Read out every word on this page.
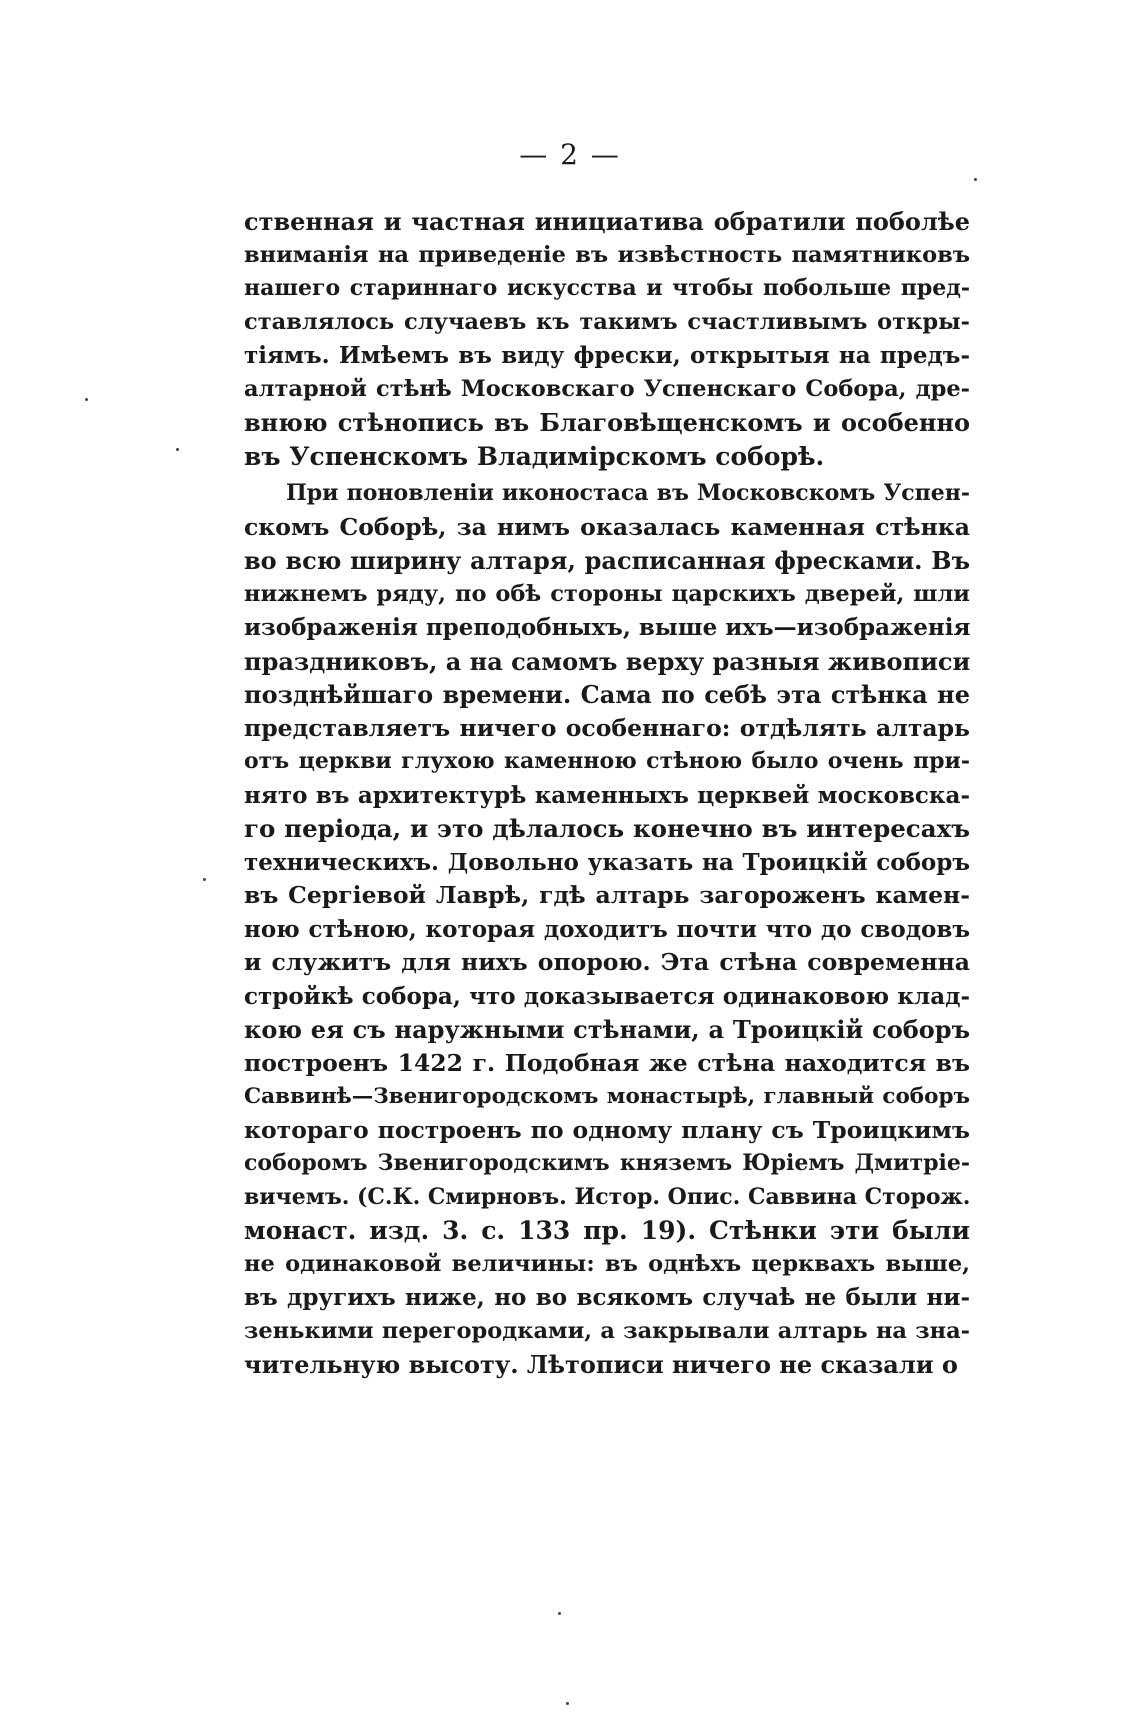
— 2 —
ственная и частная инициатива обратили поболѣе
вниманія на приведеніе въ извѣстность памятниковъ
нашего стариннаго искусства и чтобы побольше пред-
ставлялось случаевъ къ такимъ счастливымъ откры-
тіямъ. Имѣемъ въ виду фрески, открытыя на предъ-
алтарной стѣнѣ Московскаго Успенскаго Собора, дре-
внюю стѣнопись въ Благовѣщенскомъ и особенно
въ Успенскомъ Владимірскомъ соборѣ.
При поновленіи иконостаса въ Московскомъ Успен-
скомъ Соборѣ, за нимъ оказалась каменная стѣнка
во всю ширину алтаря, расписанная фресками. Въ
нижнемъ ряду, по обѣ стороны царскихъ дверей, шли
изображенія преподобныхъ, выше ихъ—изображенія
праздниковъ, а на самомъ верху разныя живописи
позднѣйшаго времени. Сама по себѣ эта стѣнка не
представляетъ ничего особеннаго: отдѣлять алтарь
отъ церкви глухою каменною стѣною было очень при-
нято въ архитектурѣ каменныхъ церквей московска-
го періода, и это дѣлалось конечно въ интересахъ
техническихъ. Довольно указать на Троицкій соборъ
въ Сергіевой Лаврѣ, гдѣ алтарь загороженъ камен-
ною стѣною, которая доходитъ почти что до сводовъ
и служитъ для нихъ опорою. Эта стѣна современна
стройкѣ собора, что доказывается одинаковою клад-
кою ея съ наружными стѣнами, а Троицкій соборъ
построенъ 1422 г. Подобная же стѣна находится въ
Саввинѣ—Звенигородскомъ монастырѣ, главный соборъ
котораго построенъ по одному плану съ Троицкимъ
соборомъ Звенигородскимъ княземъ Юріемъ Дмитріе-
вичемъ. (С.К. Смирновъ. Истор. Опис. Саввина Сторож.
монаст. изд. 3. с. 133 пр. 19). Стѣнки эти были
не одинаковой величины: въ однѣхъ церквахъ выше,
въ другихъ ниже, но во всякомъ случаѣ не были ни-
зенькими перегородками, а закрывали алтарь на зна-
чительную высоту. Лѣтописи ничего не сказали о
